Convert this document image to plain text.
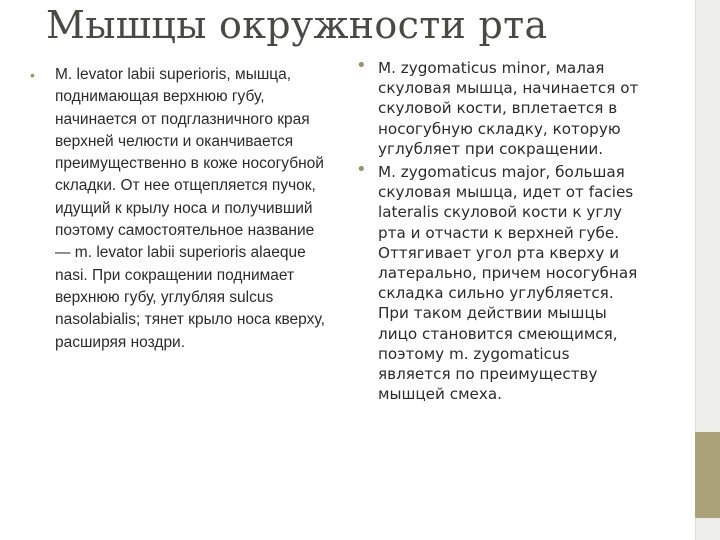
Мышцы окружности рта
• M. levator labii superioris, мышца, поднимающая верхнюю губу, начинается от подглазничного края верхней челюсти и оканчивается преимущественно в коже носогубной складки. От нее отщепляется пучок, идущий к крылу носа и получивший поэтому самостоятельное название — m. levator labii superioris alaeque nasi. При сокращении поднимает верхнюю губу, углубляя sulcus nasolabialis; тянет крыло носа кверху, расширяя ноздри.
• M. zygomaticus minor, малая скуловая мышца, начинается от скуловой кости, вплетается в носогубную складку, которую углубляет при сокращении.
• M. zygomaticus major, большая скуловая мышца, идет от facies lateralis скуловой кости к углу рта и отчасти к верхней губе. Оттягивает угол рта кверху и латерально, причем носогубная складка сильно углубляется. При таком действии мышцы лицо становится смеющимся, поэтому m. zygomaticus является по преимуществу мышцей смеха.
